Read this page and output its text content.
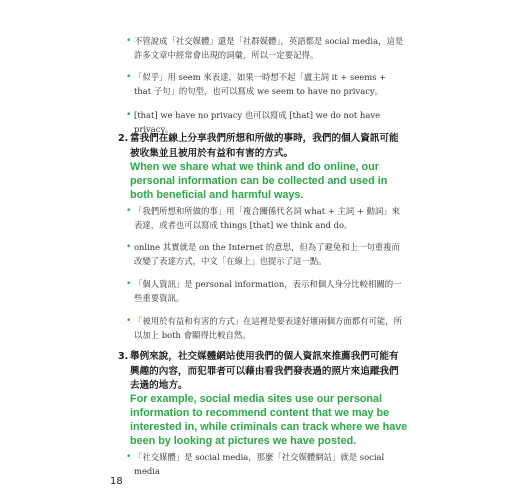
• 不管說成「社交媒體」還是「社群媒體」，英語都是 social media，這是許多文章中經常會出現的詞彙，所以一定要記得。
• 「似乎」用 seem 來表達，如果一時想不起「盧主詞 it + seems + that 子句」的句型，也可以寫成 we seem to have no privacy。
• [that] we have no privacy 也可以寫成 [that] we do not have privacy。
2. 當我們在線上分享我們所想和所做的事時，我們的個人資訊可能被收集並且被用於有益和有害的方式。
When we share what we think and do online, our personal information can be collected and used in both beneficial and harmful ways.
• 「我們所想和所做的事」用「複合關係代名詞 what + 主詞 + 動詞」來表達，或者也可以寫成 things [that] we think and do。
• online 其實就是 on the Internet 的意思，但為了避免和上一句重複而改變了表達方式，中文「在線上」也提示了這一點。
• 「個人資訊」是 personal information，表示和個人身分比較相關的一些重要資訊。
• 「被用於有益和有害的方式」在這裡是要表達好壞兩個方面都有可能，所以加上 both 會顯得比較自然。
3. 舉例來說，社交媒體網站使用我們的個人資訊來推薦我們可能有興趣的內容，而犯罪者可以藉由看我們發表過的照片來追蹤我們去過的地方。
For example, social media sites use our personal information to recommend content that we may be interested in, while criminals can track where we have been by looking at pictures we have posted.
• 「社交媒體」是 social media，那麼「社交媒體網站」就是 social media
18
